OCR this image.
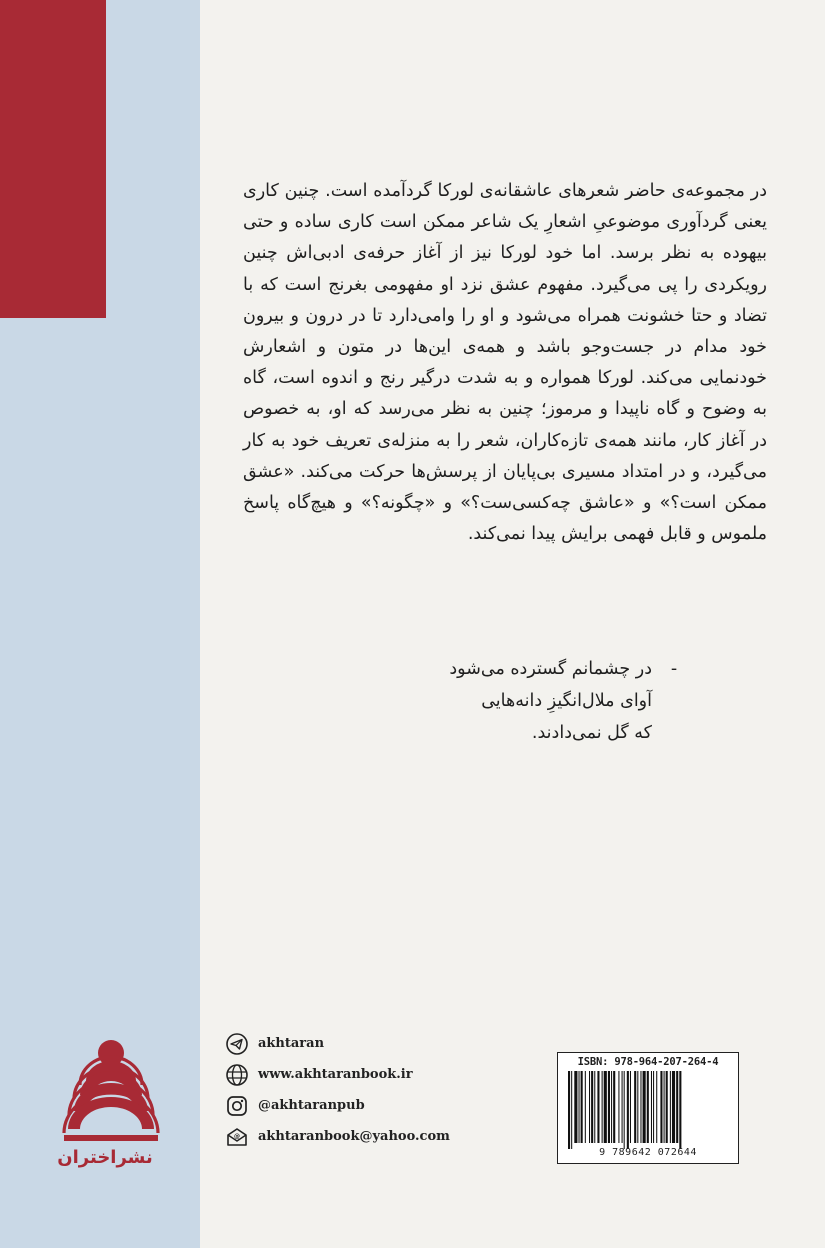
در مجموعه‌ی حاضر شعرهای عاشقانه‌ی لورکا گردآمده است. چنین کاری یعنی گردآوری موضوعیِ اشعارِ یک شاعر ممکن است کاری ساده و حتی بیهوده به نظر برسد. اما خود لورکا نیز از آغاز حرفه‌ی ادبی‌اش چنین رویکردی را پی می‌گیرد. مفهوم عشق نزد او مفهومی بغرنج است که با تضاد و حتا خشونت همراه می‌شود و او را وامی‌دارد تا در درون و بیرون خود مدام در جست‌وجو باشد و همه‌ی این‌ها در متون و اشعارش خودنمایی می‌کند. لورکا همواره و به شدت درگیر رنج و اندوه است، گاه به وضوح و گاه ناپیدا و مرموز؛ چنین به نظر می‌رسد که او، به خصوص در آغاز کار، مانند همه‌ی تازه‌کاران، شعر را به منزله‌ی تعریف خود به کار می‌گیرد، و در امتداد مسیری بی‌پایان از پرسش‌ها حرکت می‌کند. «عشق ممکن است؟» و «عاشق چه‌کسی‌ست؟» و «چگونه؟» و هیچ‌گاه پاسخ ملموس و قابل فهمی برایش پیدا نمی‌کند.

-در چشمانم گسترده می‌شود
آوای ملال‌انگیزِ دانه‌هایی
که گل نمی‌دادند.
نشراختران
akhtaran
www.akhtaranbook.ir
@akhtaranpub
@ akhtaranbook@yahoo.com
ISBN: 978-964-207-264-4
9 789642 072644
